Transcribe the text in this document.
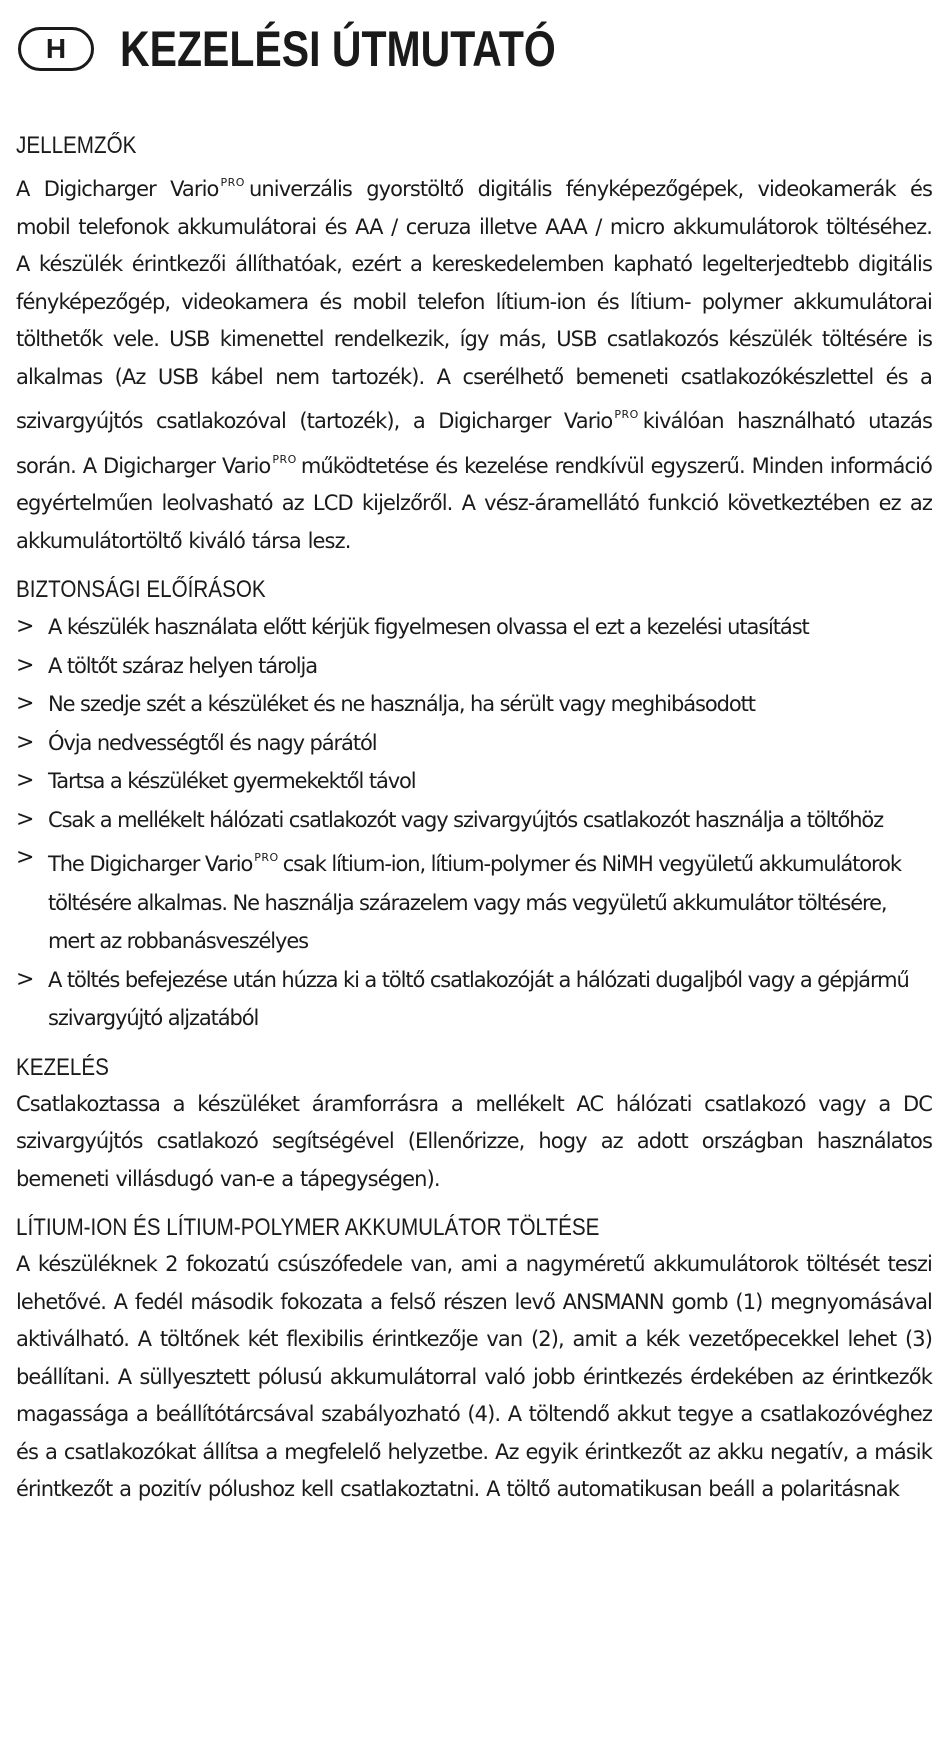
H	KEZELÉSI ÚTMUTATÓ
JELLEMZŐK

A Digicharger Vario $^{PRO}$ univerzális gyorstöltő digitális fényképezőgépek, videokamerák és mobil telefonok akkumulátorai és AA / ceruza illetve AAA / micro akkumulátorok töltéséhez. A készülék érintkezői állíthatóak, ezért a kereskedelemben kapható legelterjedtebb digitális fényképezőgép, videokamera és mobil telefon lítium-ion és lítium- polymer akkumulátorai tölthetők vele. USB kimenettel rendelkezik, így más, USB csatlakozós készülék töltésére is alkalmas (Az USB kábel nem tartozék). A cserélhető bemeneti csatlakozókészlettel és a szivargyújtós csatlakozóval (tartozék), a Digicharger Vario $^{PRO}$ kiválóan használható utazás során. A Digicharger Vario $^{PRO}$ működtetése és kezelése rendkívül egyszerű. Minden információ egyértelműen leolvasható az LCD kijelzőről. A vész-áramellátó funkció következtében ez az akkumulátortöltő kiváló társa lesz.

BIZTONSÁGI ELŐÍRÁSOK
> A készülék használata előtt kérjük figyelmesen olvassa el ezt a kezelési utasítást
> A töltőt száraz helyen tárolja
> Ne szedje szét a készüléket és ne használja, ha sérült vagy meghibásodott
> Óvja nedvességtől és nagy párától
> Tartsa a készüléket gyermekektől távol
> Csak a mellékelt hálózati csatlakozót vagy szivargyújtós csatlakozót használja a töltőhöz
> The Digicharger Vario $^{PRO}$ csak lítium-ion, lítium-polymer és NiMH vegyületű akkumulátorok töltésére alkalmas. Ne használja szárazelem vagy más vegyületű akkumulátor töltésére, mert az robbanásveszélyes
> A töltés befejezése után húzza ki a töltő csatlakozóját a hálózati dugaljból vagy a gépjármű szivargyújtó aljzatából
KEZELÉS

Csatlakoztassa a készüléket áramforrásra a mellékelt AC hálózati csatlakozó vagy a DC szivargyújtós csatlakozó segítségével (Ellenőrizze, hogy az adott országban használatos bemeneti villásdugó van-e a tápegységen).

LÍTIUM-ION ÉS LÍTIUM-POLYMER AKKUMULÁTOR TÖLTÉSE

A készüléknek 2 fokozatú csúszófedele van, ami a nagyméretű akkumulátorok töltését teszi lehetővé. A fedél második fokozata a felső részen levő ANSMANN gomb (1) megnyomásával aktiválható. A töltőnek két flexibilis érintkezője van (2), amit a kék vezetőpecekkel lehet (3) beállítani. A süllyesztett pólusú akkumulátorral való jobb érintkezés érdekében az érintkezők magassága a beállítótárcsával szabályozható (4). A töltendő akkut tegye a csatlakozóvéghez és a csatlakozókat állítsa a megfelelő helyzetbe. Az egyik érintkezőt az akku negatív, a másik érintkezőt a pozitív pólushoz kell csatlakoztatni. A töltő automatikusan beáll a polaritásnak
